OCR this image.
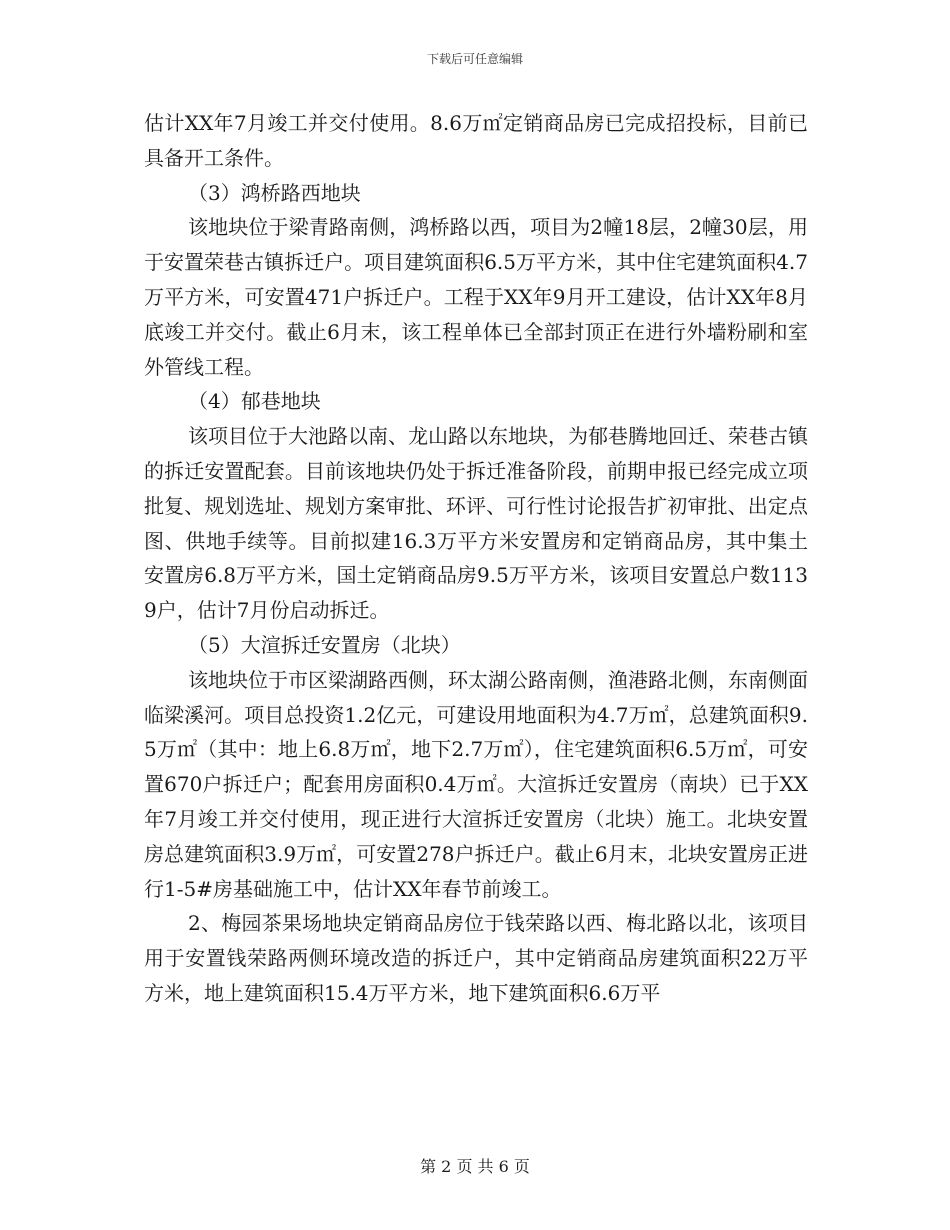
下载后可任意编辑

估计XX年7月竣工并交付使用。8.6万㎡定销商品房已完成招投标，目前已具备开工条件。

（3）鸿桥路西地块

该地块位于梁青路南侧，鸿桥路以西，项目为2幢18层，2幢30层，用于安置荣巷古镇拆迁户。项目建筑面积6.5万平方米，其中住宅建筑面积4.7万平方米，可安置471户拆迁户。工程于XX年9月开工建设，估计XX年8月底竣工并交付。截止6月末，该工程单体已全部封顶正在进行外墙粉刷和室外管线工程。

（4）郁巷地块

该项目位于大池路以南、龙山路以东地块，为郁巷腾地回迁、荣巷古镇的拆迁安置配套。目前该地块仍处于拆迁准备阶段，前期申报已经完成立项批复、规划选址、规划方案审批、环评、可行性讨论报告扩初审批、出定点图、供地手续等。目前拟建16.3万平方米安置房和定销商品房，其中集土安置房6.8万平方米，国土定销商品房9.5万平方米，该项目安置总户数1139户，估计7月份启动拆迁。

（5）大渲拆迁安置房（北块）

该地块位于市区梁湖路西侧，环太湖公路南侧，渔港路北侧，东南侧面临梁溪河。项目总投资1.2亿元，可建设用地面积为4.7万㎡，总建筑面积9.5万㎡（其中：地上6.8万㎡，地下2.7万㎡），住宅建筑面积6.5万㎡，可安置670户拆迁户；配套用房面积0.4万㎡。大渲拆迁安置房（南块）已于XX年7月竣工并交付使用，现正进行大渲拆迁安置房（北块）施工。北块安置房总建筑面积3.9万㎡，可安置278户拆迁户。截止6月末，北块安置房正进行1-5#房基础施工中，估计XX年春节前竣工。

2、梅园茶果场地块定销商品房位于钱荣路以西、梅北路以北，该项目用于安置钱荣路两侧环境改造的拆迁户，其中定销商品房建筑面积22万平方米，地上建筑面积15.4万平方米，地下建筑面积6.6万平

第 2 页 共 6 页
